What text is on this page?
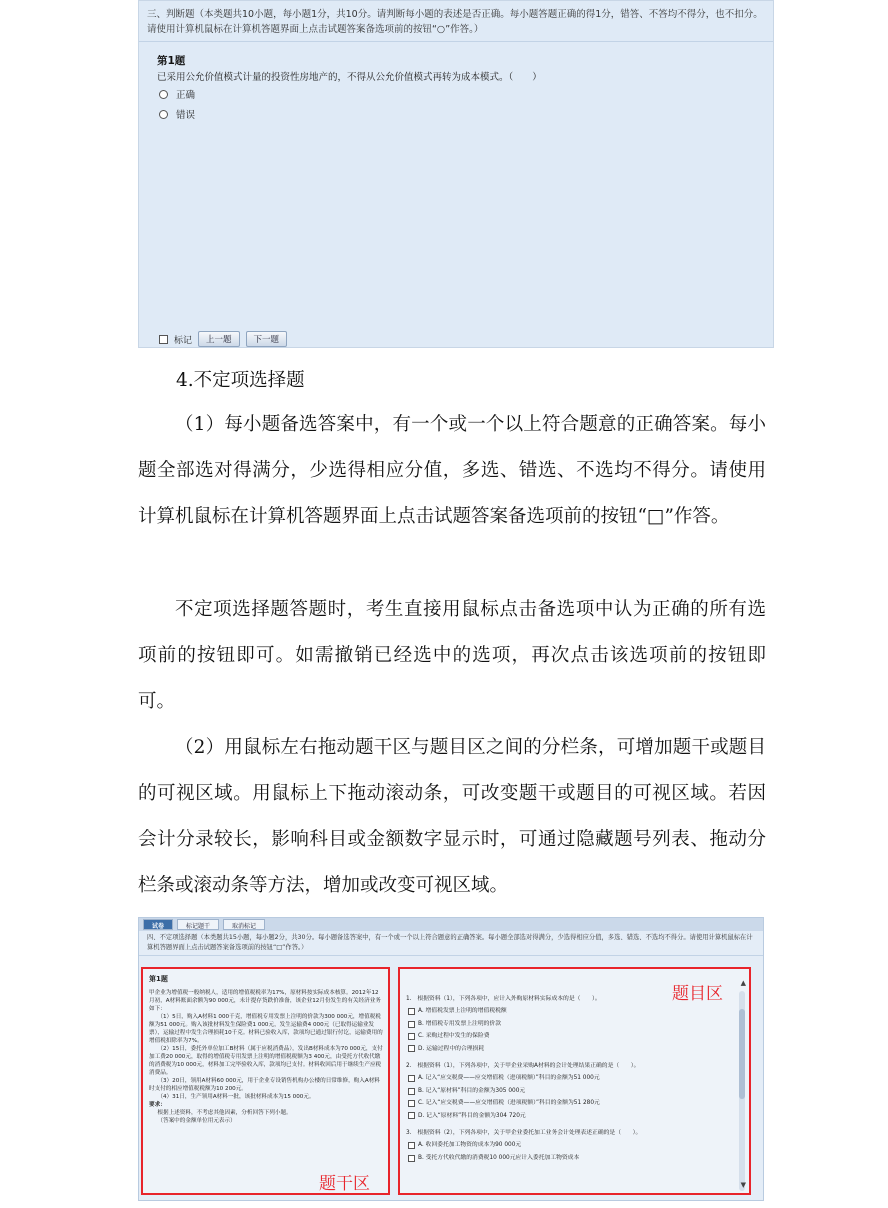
三、判断题（本类题共10小题，每小题1分，共10分。请判断每小题的表述是否正确。每小题答题正确的得1分，错答、不答均不得分，也不扣分。请使用计算机鼠标在计算机答题界面上点击试题答案备选项前的按钮“○”作答。）
第1题
已采用公允价值模式计量的投资性房地产的，不得从公允价值模式再转为成本模式。（　　）
正确
错误
标记	上一题	下一题
4.不定项选择题
（1）每小题备选答案中，有一个或一个以上符合题意的正确答案。每小题全部选对得满分，少选得相应分值，多选、错选、不选均不得分。请使用计算机鼠标在计算机答题界面上点击试题答案备选项前的按钮“□”作答。
不定项选择题答题时，考生直接用鼠标点击备选项中认为正确的所有选项前的按钮即可。如需撤销已经选中的选项，再次点击该选项前的按钮即可。
（2）用鼠标左右拖动题干区与题目区之间的分栏条，可增加题干或题目的可视区域。用鼠标上下拖动滚动条，可改变题干或题目的可视区域。若因会计分录较长，影响科目或金额数字显示时，可通过隐藏题号列表、拖动分栏条或滚动条等方法，增加或改变可视区域。
试卷	标记题干	取消标记
四、不定项选择题（本类题共15小题，每小题2分，共30分。每小题备选答案中，有一个或一个以上符合题意的正确答案。每小题全部选对得满分，少选得相应分值，多选、错选、不选均不得分。请使用计算机鼠标在计算机答题界面上点击试题答案备选项前的按钮“□”作答。）
第1题

甲企业为增值税一般纳税人，适用的增值税税率为17%，原材料按实际成本核算。2012年12月初，A材料账面余额为90 000元，未计提存货跌价准备，该企业12月份发生的有关经济业务如下：

（1）5日，购入A材料1 000千克，增值税专用发票上注明的价款为300 000元，增值税税额为51 000元。购入该批材料发生保险费1 000元，发生运输费4 000元（已取得运输业发票），运输过程中发生合理损耗10千克。材料已验收入库，款项均已通过银行付讫，运输费用的增值税扣除率为7%。

（2）15日，委托外单位加工B材料（属于应税消费品），发出B材料成本为70 000元，支付加工费20 000元，取得的增值税专用发票上注明的增值税税额为3 400元，由受托方代收代缴的消费税为10 000元，材料加工完毕验收入库，款项均已支付。材料收回后用于继续生产应税消费品。

（3）20日，领用A材料60 000元，用于企业专设销售机构办公楼的日常维修，购入A材料时支付的相应增值税税额为10 200元。

（4）31日，生产领用A材料一批，该批材料成本为15 000元。

要求：

根据上述资料，不考虑其他因素，分析回答下列小题。

（答案中的金额单位用元表示）

题干区
题目区
1.　根据资料（1），下列各项中，应计入外购原材料实际成本的是（　　）。
A. 增值税发票上注明的增值税税额
B. 增值税专用发票上注明的价款
C. 采购过程中发生的保险费
D. 运输过程中的合理损耗
2.　根据资料（1），下列各项中，关于甲企业采购A材料的会计处理结果正确的是（　　）。
A. 记入“应交税费——应交增值税（进项税额）”科目的金额为51 000元
B. 记入“原材料”科目的金额为305 000元
C. 记入“应交税费——应交增值税（进项税额）”科目的金额为51 280元
D. 记入“原材料”科目的金额为304 720元
3.　根据资料（2），下列各项中，关于甲企业委托加工业务会计处理表述正确的是（　　）。
A. 收回委托加工物资的成本为90 000元
B. 受托方代收代缴的消费税10 000元应计入委托加工物资成本
▲
▼
